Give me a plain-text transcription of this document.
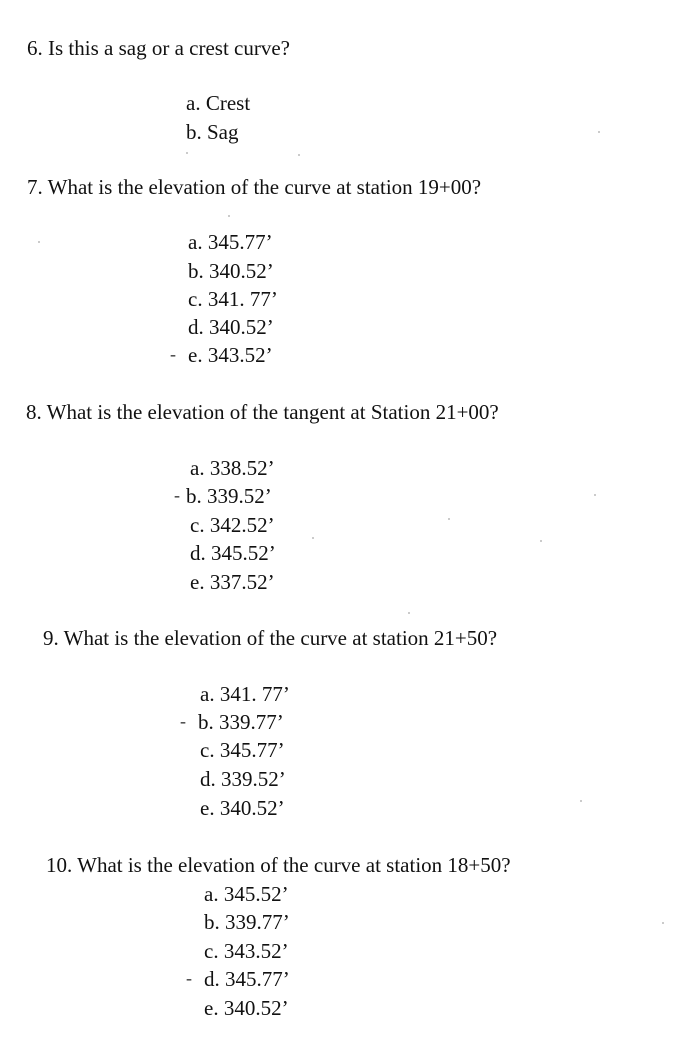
6. Is this a sag or a crest curve?
a. Crest
b. Sag
7. What is the elevation of the curve at station 19+00?
a. 345.77’
b. 340.52’
c. 341. 77’
d. 340.52’
- e. 343.52’
8. What is the elevation of the tangent at Station 21+00?
a. 338.52’
- b. 339.52’
c. 342.52’
d. 345.52’
e. 337.52’
9. What is the elevation of the curve at station 21+50?
a. 341. 77’
- b. 339.77’
c. 345.77’
d. 339.52’
e. 340.52’
10. What is the elevation of the curve at station 18+50?
a. 345.52’
b. 339.77’
c. 343.52’
- d. 345.77’
e. 340.52’
